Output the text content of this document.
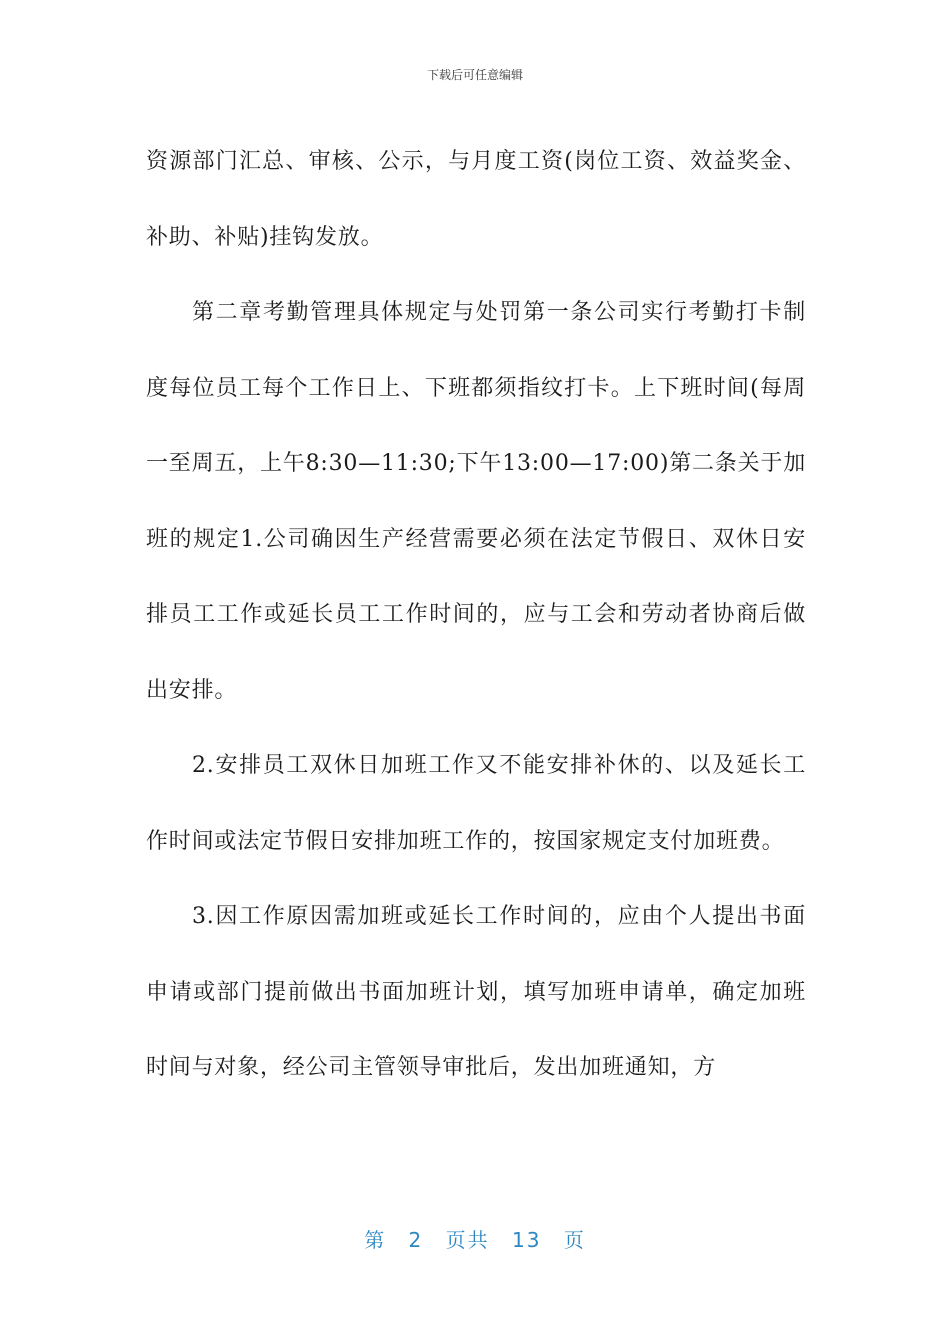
下载后可任意编辑

资源部门汇总、审核、公示，与月度工资(岗位工资、效益奖金、补助、补贴)挂钩发放。

第二章考勤管理具体规定与处罚第一条公司实行考勤打卡制度每位员工每个工作日上、下班都须指纹打卡。上下班时间(每周一至周五，上午8:30—11:30;下午13:00—17:00)第二条关于加班的规定1.公司确因生产经营需要必须在法定节假日、双休日安排员工工作或延长员工工作时间的，应与工会和劳动者协商后做出安排。

2.安排员工双休日加班工作又不能安排补休的、以及延长工作时间或法定节假日安排加班工作的，按国家规定支付加班费。

3.因工作原因需加班或延长工作时间的，应由个人提出书面申请或部门提前做出书面加班计划，填写加班申请单，确定加班时间与对象，经公司主管领导审批后，发出加班通知，方

第 2 页共 13 页
